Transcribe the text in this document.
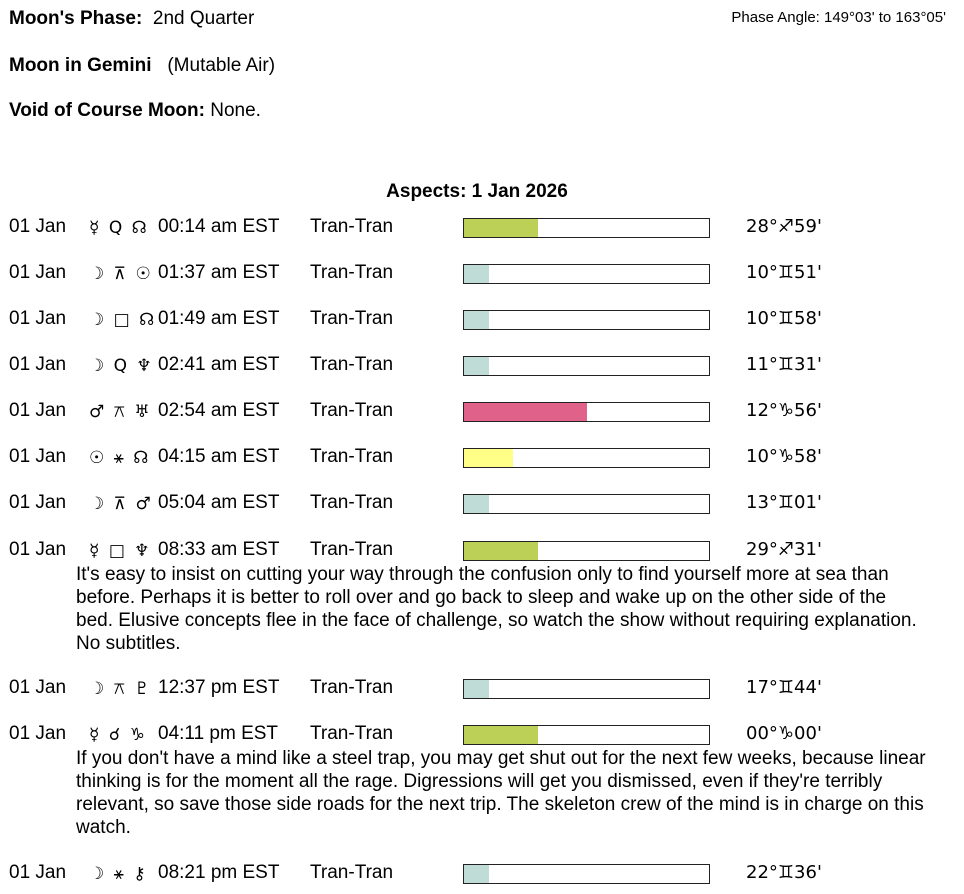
Moon's Phase: 2nd Quarter	Phase Angle: 149°03' to 163°05'
Moon in Gemini (Mutable Air)
Void of Course Moon: None.
Aspects: 1 Jan 2026
01 Jan ☿ Q ☊ 00:14 am EST Tran-Tran	28°♐59'
01 Jan ☽ ⊼ ☉ 01:37 am EST Tran-Tran	10°♊51'
01 Jan ☽ □ ☊ 01:49 am EST Tran-Tran	10°♊58'
01 Jan ☽ Q ♆ 02:41 am EST Tran-Tran	11°♊31'
01 Jan ♂ ⚻ ♅ 02:54 am EST Tran-Tran	12°♑56'
01 Jan ☉ ⚹ ☊ 04:15 am EST Tran-Tran	10°♑58'
01 Jan ☽ ⊼ ♂ 05:04 am EST Tran-Tran	13°♊01'
01 Jan ☿ □ ♆ 08:33 am EST Tran-Tran	29°♐31'
It's easy to insist on cutting your way through the confusion only to find yourself more at sea than before. Perhaps it is better to roll over and go back to sleep and wake up on the other side of the bed. Elusive concepts flee in the face of challenge, so watch the show without requiring explanation. No subtitles.
01 Jan ☽ ⚻ ♇ 12:37 pm EST Tran-Tran	17°♊44'
01 Jan ☿ ☌ ♑ 04:11 pm EST Tran-Tran	00°♑00'
If you don't have a mind like a steel trap, you may get shut out for the next few weeks, because linear thinking is for the moment all the rage. Digressions will get you dismissed, even if they're terribly relevant, so save those side roads for the next trip. The skeleton crew of the mind is in charge on this watch.
01 Jan ☽ ⚹ ⚷ 08:21 pm EST Tran-Tran	22°♊36'
